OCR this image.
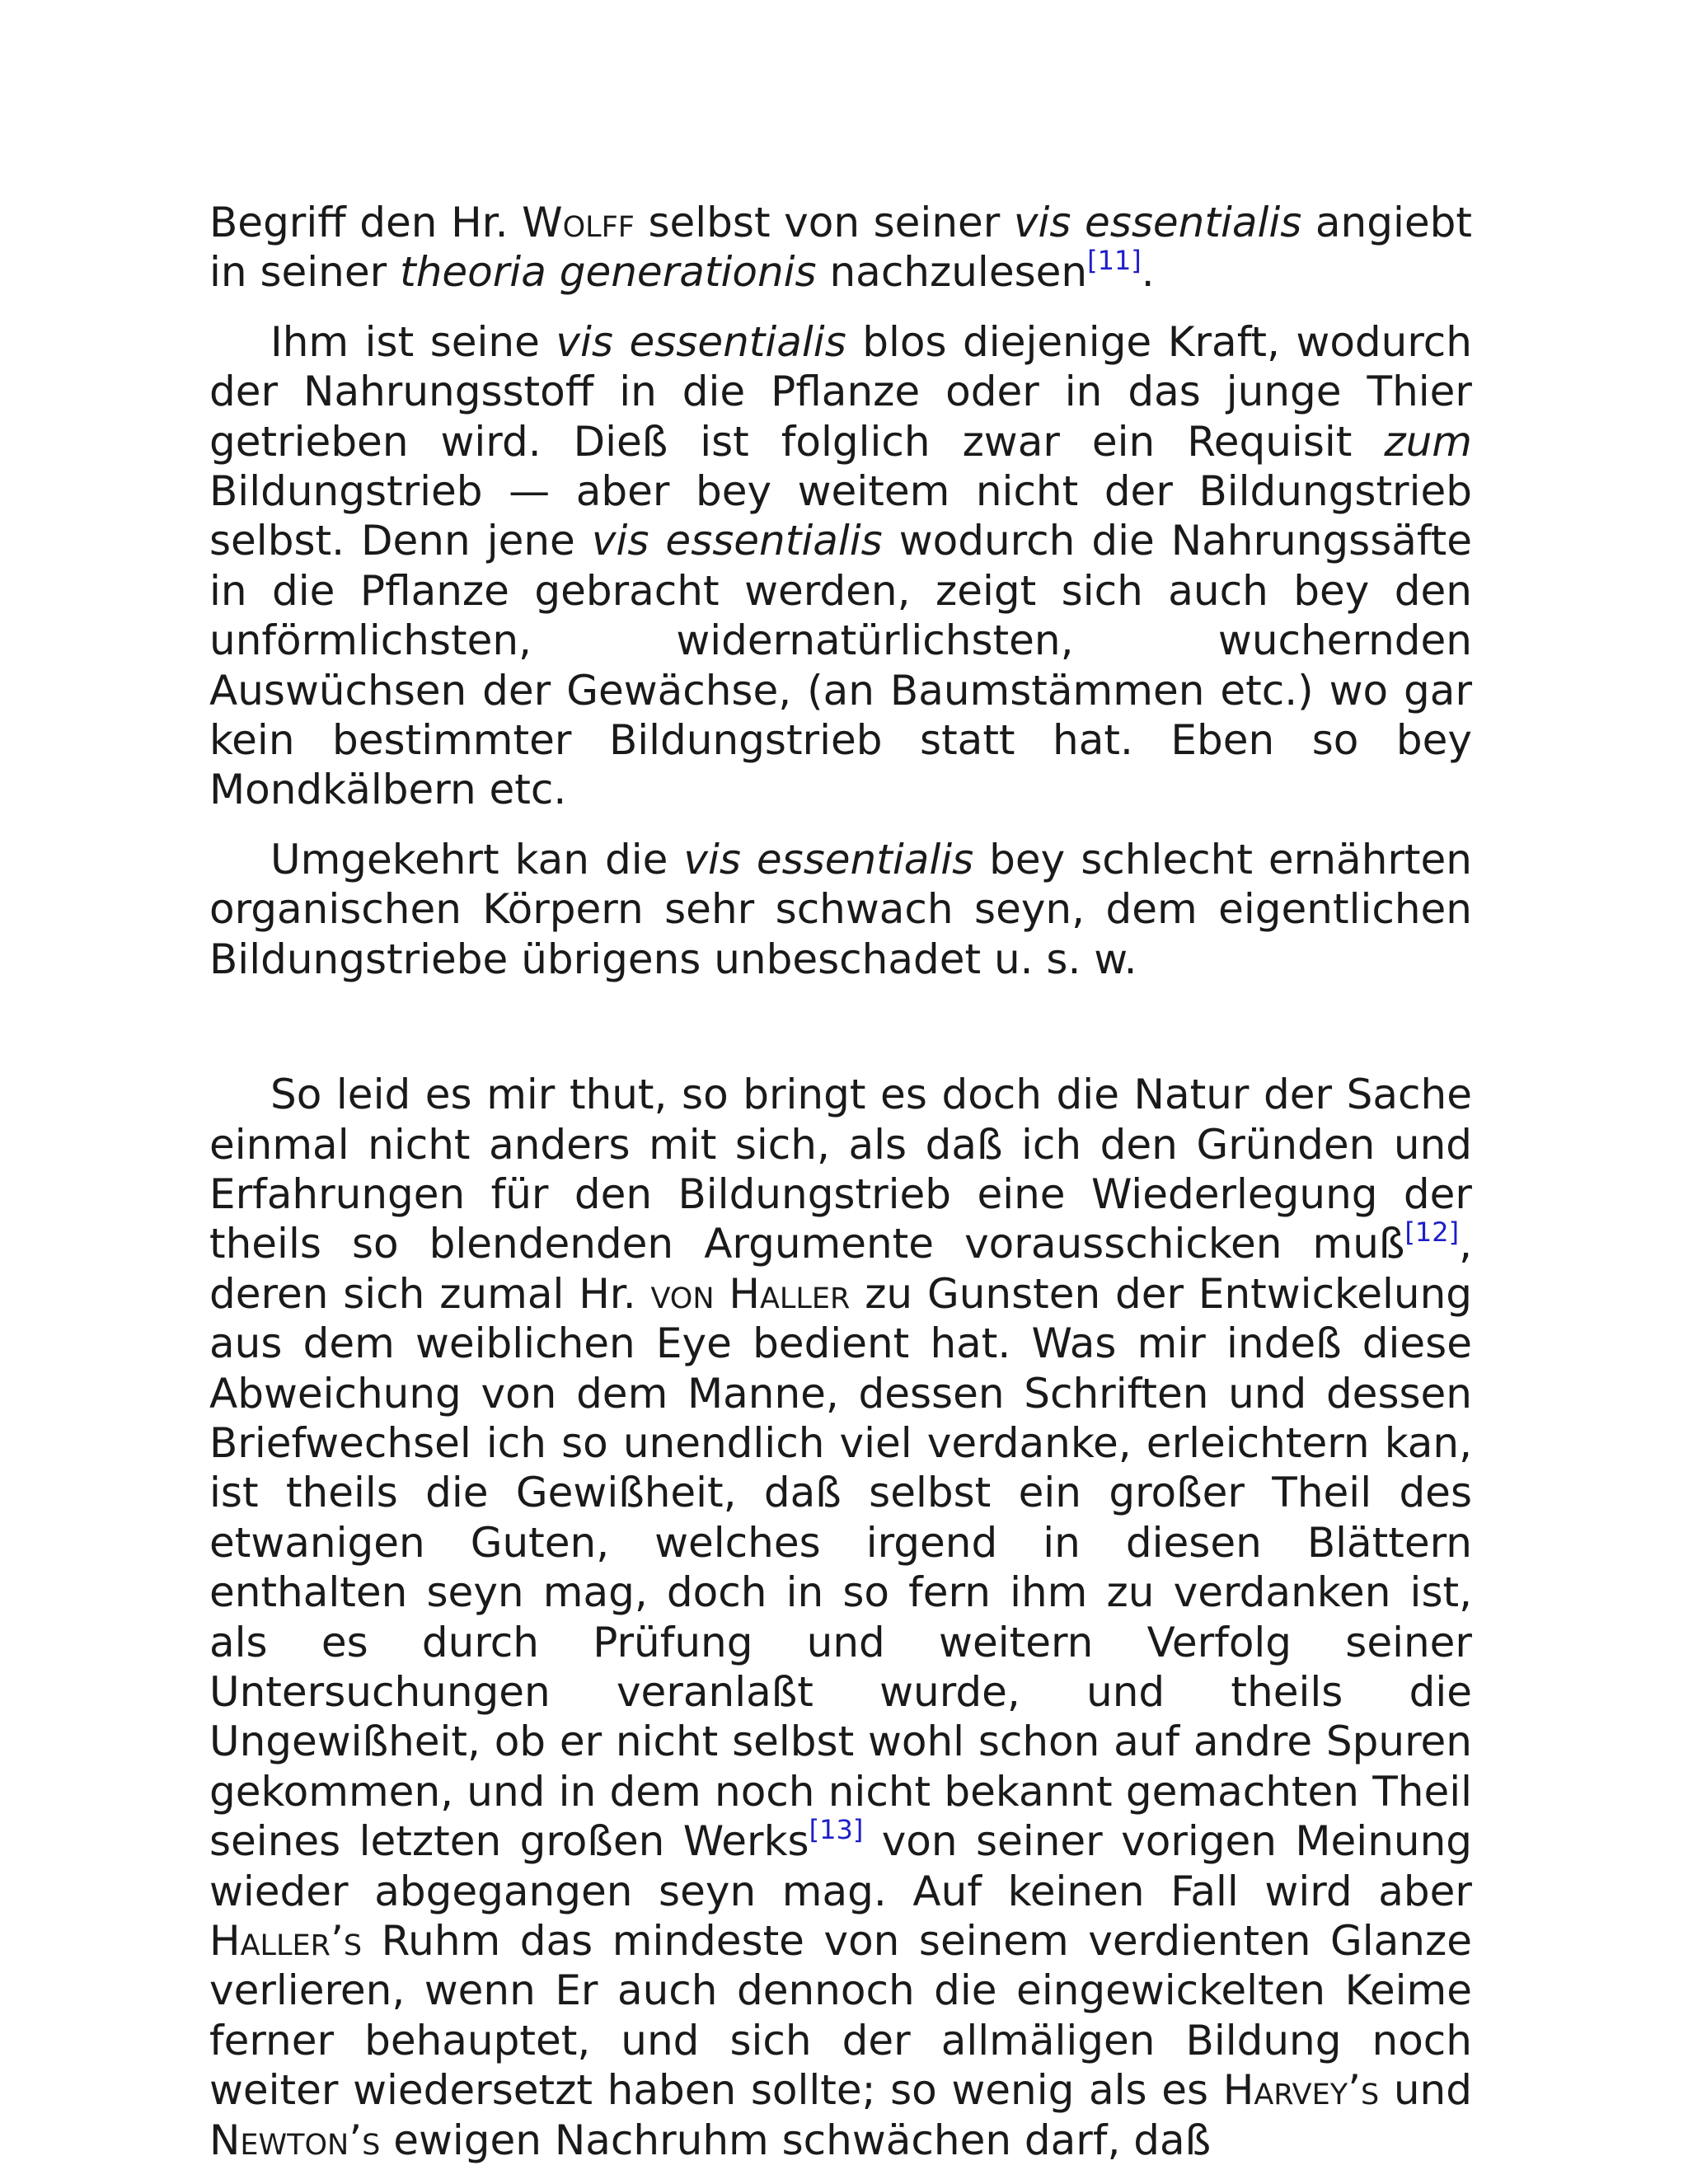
Begriff den Hr. Wolff selbst von seiner vis essentialis angiebt in seiner theoria generationis nachzulesen[11].

Ihm ist seine vis essentialis blos diejenige Kraft, wodurch der Nahrungsstoff in die Pflanze oder in das junge Thier getrieben wird. Dieß ist folglich zwar ein Requisit zum Bildungstrieb — aber bey weitem nicht der Bildungstrieb selbst. Denn jene vis essentialis wodurch die Nahrungssäfte in die Pflanze gebracht werden, zeigt sich auch bey den unförmlichsten, widernatürlichsten, wuchernden Auswüchsen der Gewächse, (an Baumstämmen etc.) wo gar kein bestimmter Bildungstrieb statt hat. Eben so bey Mondkälbern etc.

Umgekehrt kan die vis essentialis bey schlecht ernährten organischen Körpern sehr schwach seyn, dem eigentlichen Bildungstriebe übrigens unbeschadet u. s. w.

So leid es mir thut, so bringt es doch die Natur der Sache einmal nicht anders mit sich, als daß ich den Gründen und Erfahrungen für den Bildungstrieb eine Wiederlegung der theils so blendenden Argumente vorausschicken muß[12], deren sich zumal Hr. von Haller zu Gunsten der Entwickelung aus dem weiblichen Eye bedient hat. Was mir indeß diese Abweichung von dem Manne, dessen Schriften und dessen Briefwechsel ich so unendlich viel verdanke, erleichtern kan, ist theils die Gewißheit, daß selbst ein großer Theil des etwanigen Guten, welches irgend in diesen Blättern enthalten seyn mag, doch in so fern ihm zu verdanken ist, als es durch Prüfung und weitern Verfolg seiner Untersuchungen veranlaßt wurde, und theils die Ungewißheit, ob er nicht selbst wohl schon auf andre Spuren gekommen, und in dem noch nicht bekannt gemachten Theil seines letzten großen Werks[13] von seiner vorigen Meinung wieder abgegangen seyn mag. Auf keinen Fall wird aber Haller’s Ruhm das mindeste von seinem verdienten Glanze verlieren, wenn Er auch dennoch die eingewickelten Keime ferner behauptet, und sich der allmäligen Bildung noch weiter wiedersetzt haben sollte; so wenig als es Harvey’s und Newton’s ewigen Nachruhm schwächen darf, daß
